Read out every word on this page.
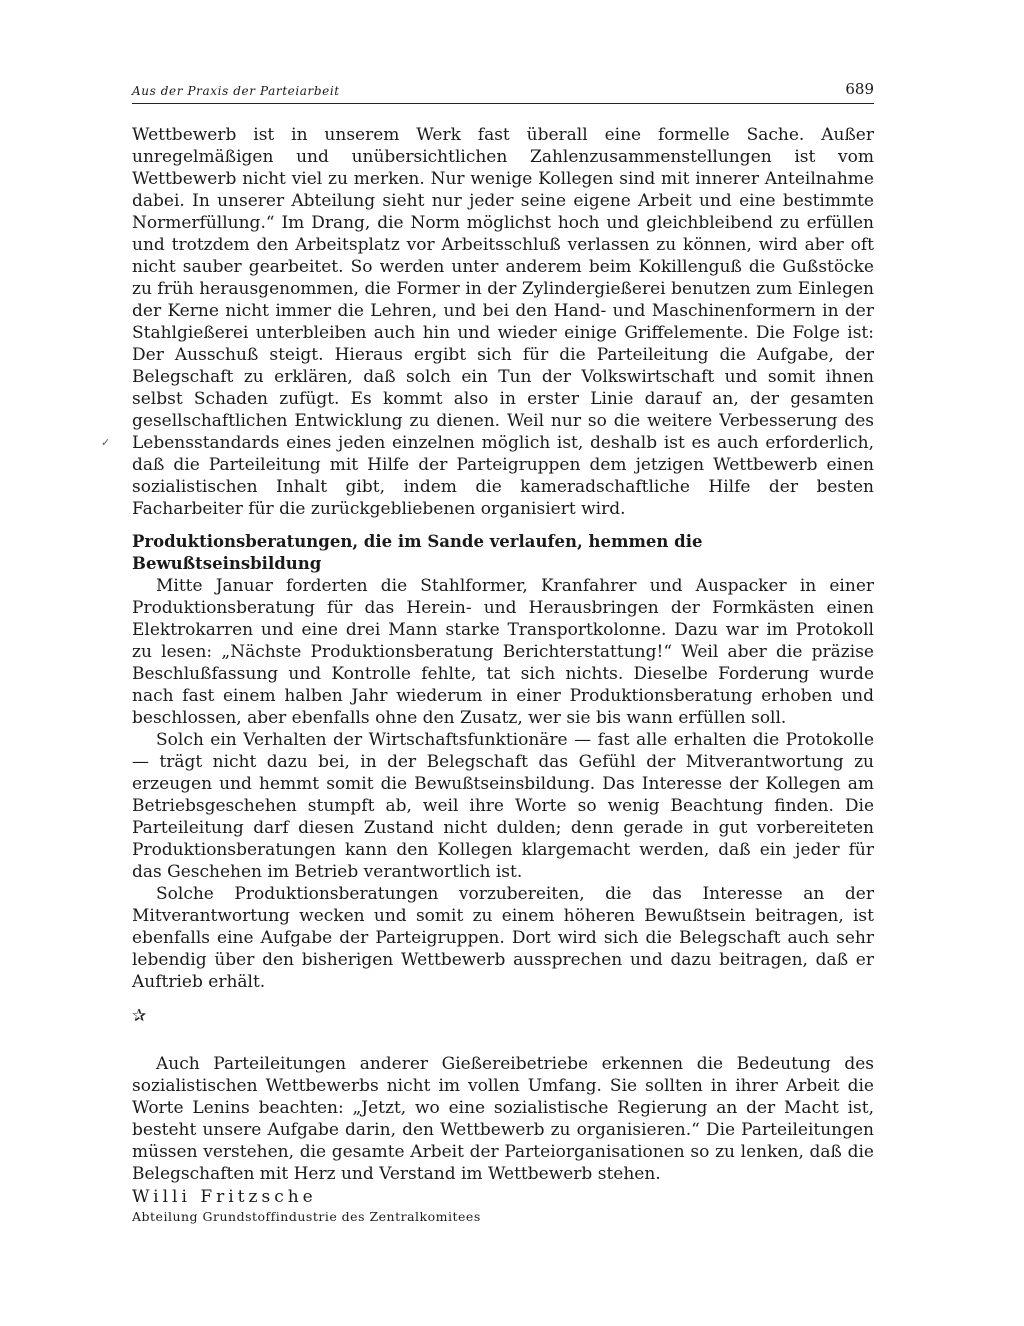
Aus der Praxis der Parteiarbeit	689

Wettbewerb ist in unserem Werk fast überall eine formelle Sache. Außer unregelmäßigen und unübersichtlichen Zahlenzusammenstellungen ist vom Wettbewerb nicht viel zu merken. Nur wenige Kollegen sind mit innerer Anteilnahme dabei. In unserer Abteilung sieht nur jeder seine eigene Arbeit und eine bestimmte Normerfüllung.“ Im Drang, die Norm möglichst hoch und gleichbleibend zu erfüllen und trotzdem den Arbeitsplatz vor Arbeitsschluß verlassen zu können, wird aber oft nicht sauber gearbeitet. So werden unter anderem beim Kokillenguß die Gußstöcke zu früh herausgenommen, die Former in der Zylindergießerei benutzen zum Einlegen der Kerne nicht immer die Lehren, und bei den Hand- und Maschinenformern in der Stahlgießerei unterbleiben auch hin und wieder einige Griffelemente. Die Folge ist: Der Ausschuß steigt. Hieraus ergibt sich für die Parteileitung die Aufgabe, der Belegschaft zu erklären, daß solch ein Tun der Volkswirtschaft und somit ihnen selbst Schaden zufügt. Es kommt also in erster Linie darauf an, der gesamten gesellschaftlichen Entwicklung zu dienen. Weil nur so die weitere Verbesserung des Lebensstandards eines jeden einzelnen möglich ist, deshalb ist es auch erforderlich, daß die Parteileitung mit Hilfe der Parteigruppen dem jetzigen Wettbewerb einen sozialistischen Inhalt gibt, indem die kameradschaftliche Hilfe der besten Facharbeiter für die zurückgebliebenen organisiert wird.

Produktionsberatungen, die im Sande verlaufen, hemmen die Bewußtseinsbildung

Mitte Januar forderten die Stahlformer, Kranfahrer und Auspacker in einer Produktionsberatung für das Herein- und Herausbringen der Formkästen einen Elektrokarren und eine drei Mann starke Transportkolonne. Dazu war im Protokoll zu lesen: „Nächste Produktionsberatung Berichterstattung!“ Weil aber die präzise Beschlußfassung und Kontrolle fehlte, tat sich nichts. Dieselbe Forderung wurde nach fast einem halben Jahr wiederum in einer Produktionsberatung erhoben und beschlossen, aber ebenfalls ohne den Zusatz, wer sie bis wann erfüllen soll.

Solch ein Verhalten der Wirtschaftsfunktionäre — fast alle erhalten die Protokolle — trägt nicht dazu bei, in der Belegschaft das Gefühl der Mitverantwortung zu erzeugen und hemmt somit die Bewußtseinsbildung. Das Interesse der Kollegen am Betriebsgeschehen stumpft ab, weil ihre Worte so wenig Beachtung finden. Die Parteileitung darf diesen Zustand nicht dulden; denn gerade in gut vorbereiteten Produktionsberatungen kann den Kollegen klargemacht werden, daß ein jeder für das Geschehen im Betrieb verantwortlich ist.

Solche Produktionsberatungen vorzubereiten, die das Interesse an der Mitverantwortung wecken und somit zu einem höheren Bewußtsein beitragen, ist ebenfalls eine Aufgabe der Parteigruppen. Dort wird sich die Belegschaft auch sehr lebendig über den bisherigen Wettbewerb aussprechen und dazu beitragen, daß er Auftrieb erhält.

✰

Auch Parteileitungen anderer Gießereibetriebe erkennen die Bedeutung des sozialistischen Wettbewerbs nicht im vollen Umfang. Sie sollten in ihrer Arbeit die Worte Lenins beachten: „Jetzt, wo eine sozialistische Regierung an der Macht ist, besteht unsere Aufgabe darin, den Wettbewerb zu organisieren.“ Die Parteileitungen müssen verstehen, die gesamte Arbeit der Parteiorganisationen so zu lenken, daß die Belegschaften mit Herz und Verstand im Wettbewerb stehen.

Willi Fritzsche
Abteilung Grundstoffindustrie des Zentralkomitees
✓
